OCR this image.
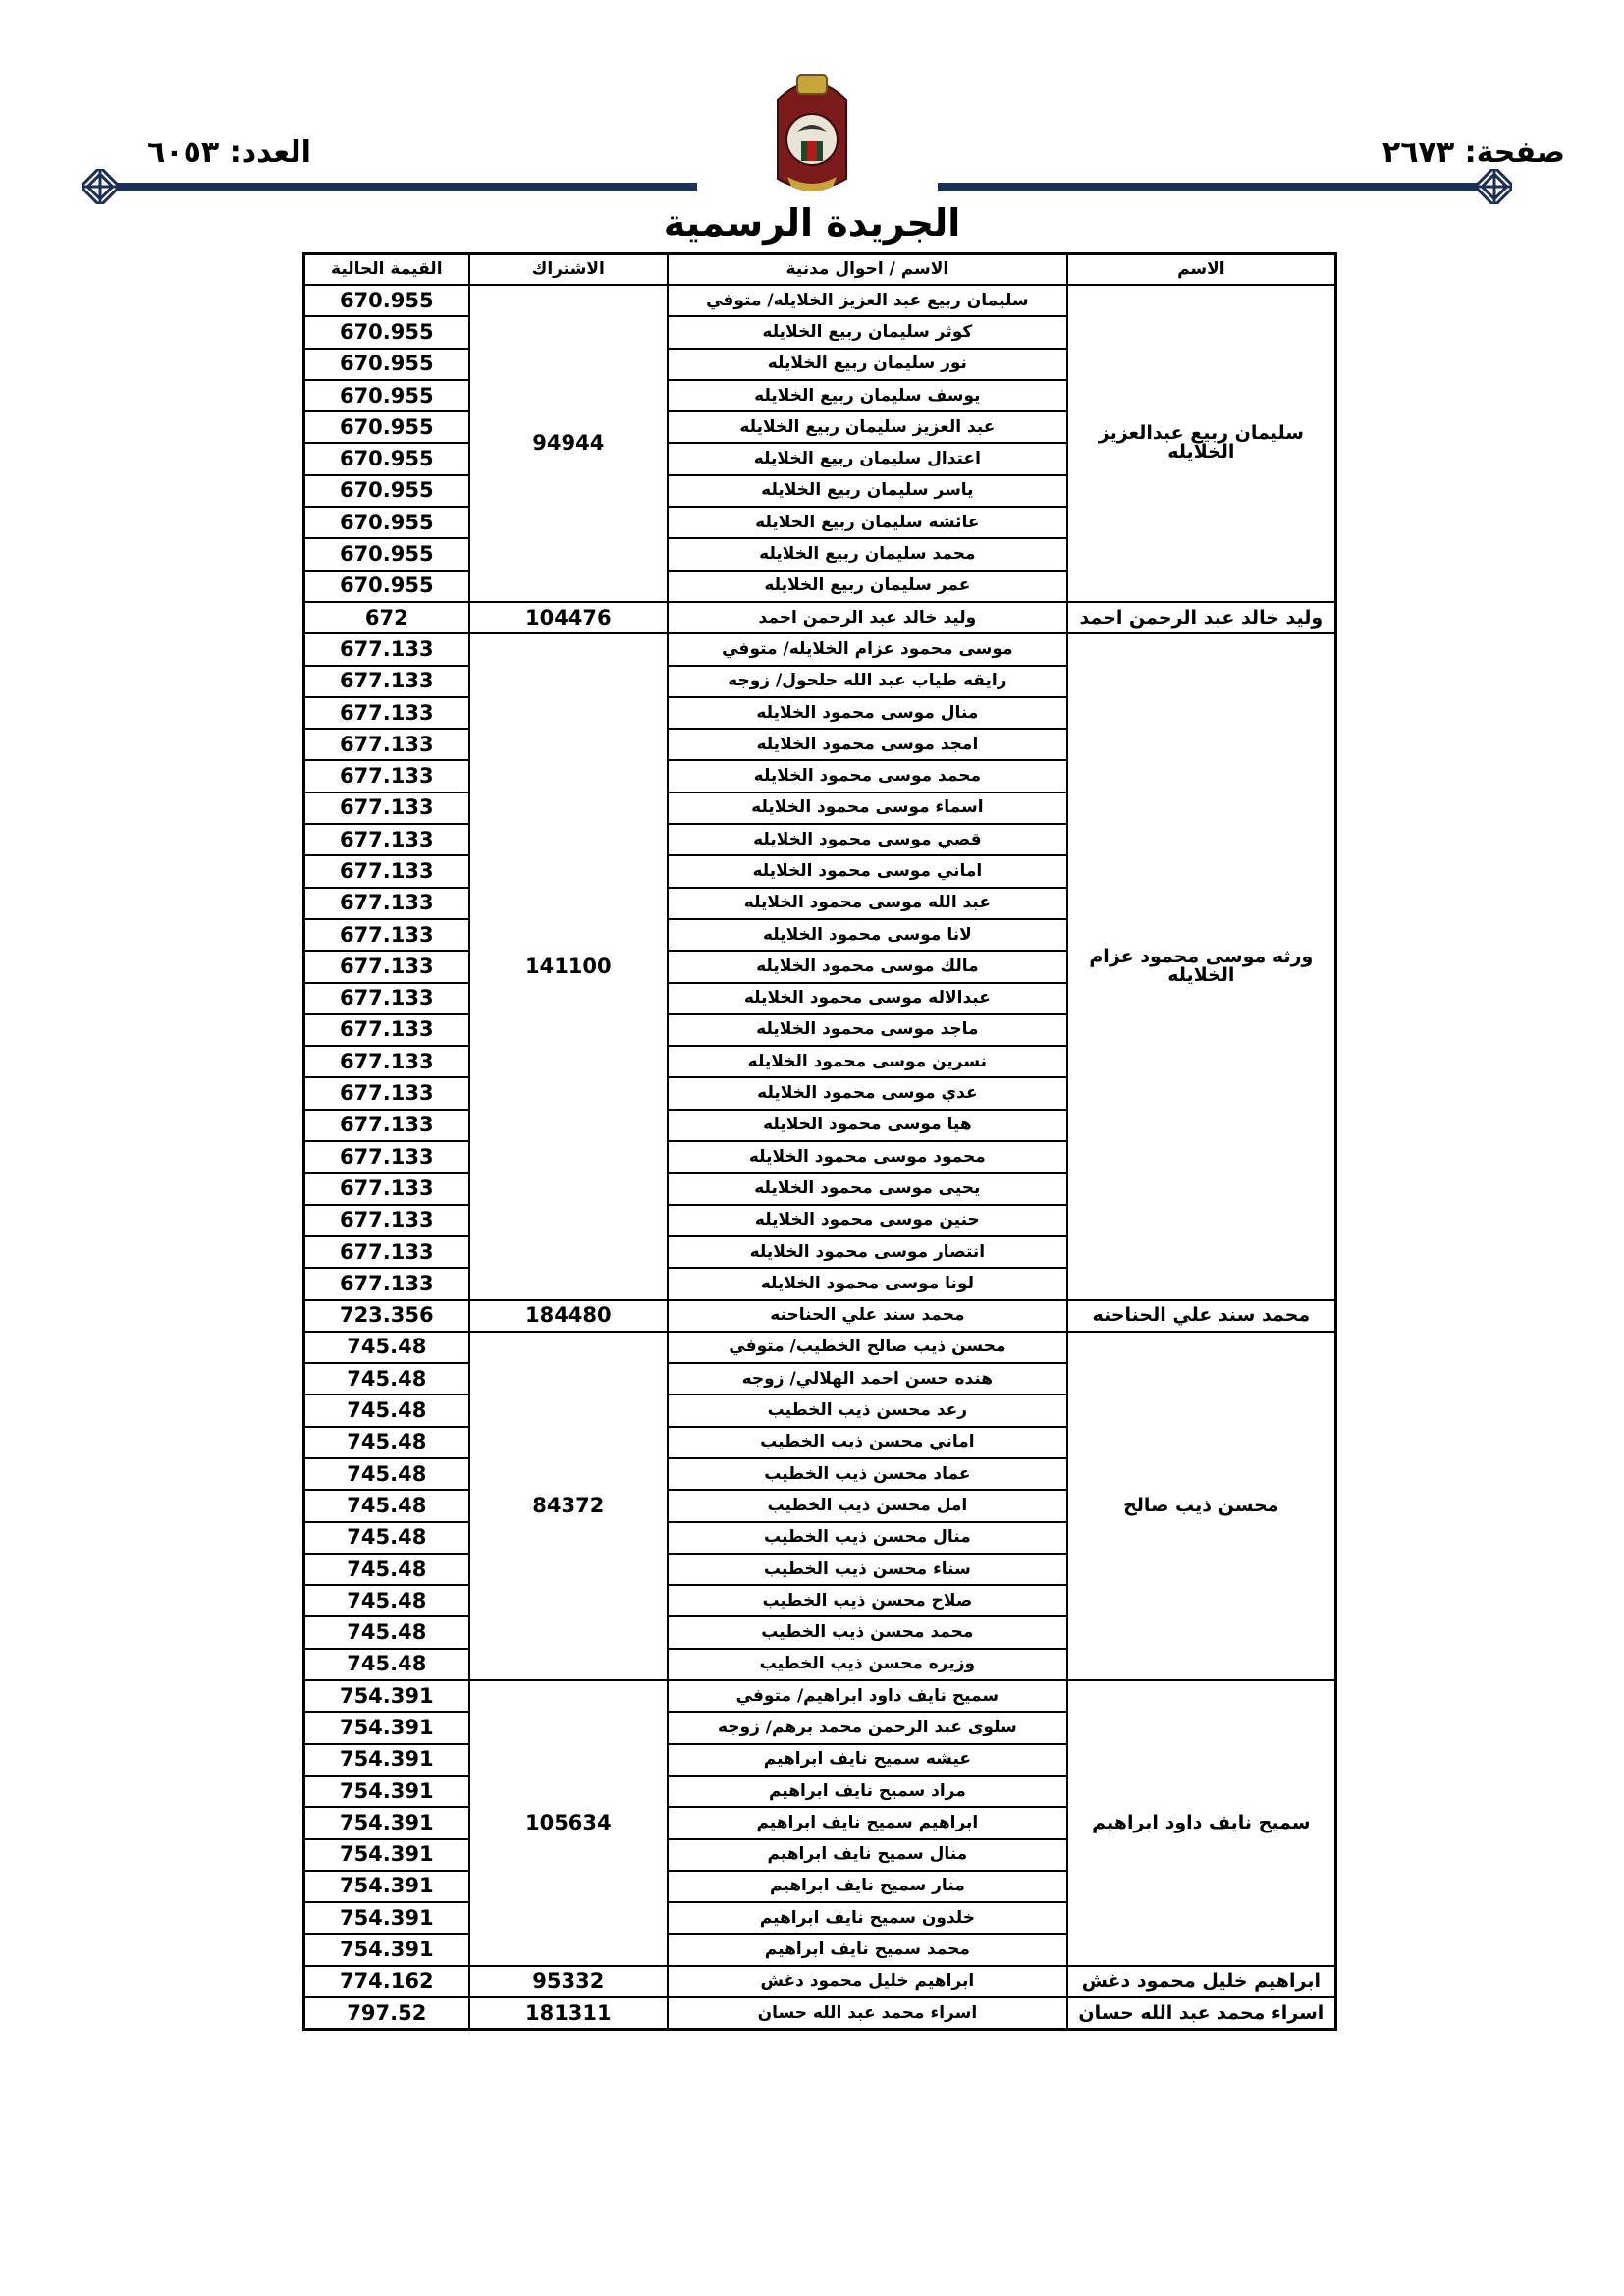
صفحة: ٢٦٧٣
العدد: ٦٠٥٣
الجريدة الرسمية
الاسم	الاسم / احوال مدنية	الاشتراك	القيمة الحالية
سليمان ربيع عبدالعزيز الخلايله	سليمان ربيع عبد العزيز الخلايله/ متوفي	94944	670.955
	كوثر سليمان ربيع الخلايله		670.955
	نور سليمان ربيع الخلايله		670.955
	يوسف سليمان ربيع الخلايله		670.955
	عبد العزيز سليمان ربيع الخلايله		670.955
	اعتدال سليمان ربيع الخلايله		670.955
	ياسر سليمان ربيع الخلايله		670.955
	عائشه سليمان ربيع الخلايله		670.955
	محمد سليمان ربيع الخلايله		670.955
	عمر سليمان ربيع الخلايله		670.955
وليد خالد عبد الرحمن احمد	وليد خالد عبد الرحمن احمد	104476	672
ورثه موسى محمود عزام الخلايله	موسى محمود عزام الخلايله/ متوفي	141100	677.133
	رايقه طياب عبد الله حلحول/ زوجه		677.133
	منال موسى محمود الخلايله		677.133
	امجد موسى محمود الخلايله		677.133
	محمد موسى محمود الخلايله		677.133
	اسماء موسى محمود الخلايله		677.133
	قصي موسى محمود الخلايله		677.133
	اماني موسى محمود الخلايله		677.133
	عبد الله موسى محمود الخلايله		677.133
	لانا موسى محمود الخلايله		677.133
	مالك موسى محمود الخلايله		677.133
	عبدالاله موسى محمود الخلايله		677.133
	ماجد موسى محمود الخلايله		677.133
	نسرين موسى محمود الخلايله		677.133
	عدي موسى محمود الخلايله		677.133
	هيا موسى محمود الخلايله		677.133
	محمود موسى محمود الخلايله		677.133
	يحيى موسى محمود الخلايله		677.133
	حنين موسى محمود الخلايله		677.133
	انتصار موسى محمود الخلايله		677.133
	لونا موسى محمود الخلايله		677.133
محمد سند علي الحناحنه	محمد سند علي الحناحنه	184480	723.356
محسن ذيب صالح	محسن ذيب صالح الخطيب/ متوفي	84372	745.48
	هنده حسن احمد الهلالي/ زوجه		745.48
	رعد محسن ذيب الخطيب		745.48
	اماني محسن ذيب الخطيب		745.48
	عماد محسن ذيب الخطيب		745.48
	امل محسن ذيب الخطيب		745.48
	منال محسن ذيب الخطيب		745.48
	سناء محسن ذيب الخطيب		745.48
	صلاح محسن ذيب الخطيب		745.48
	محمد محسن ذيب الخطيب		745.48
	وزيره محسن ذيب الخطيب		745.48
سميح نايف داود ابراهيم	سميح نايف داود ابراهيم/ متوفي	105634	754.391
	سلوى عبد الرحمن محمد برهم/ زوجه		754.391
	عيشه سميح نايف ابراهيم		754.391
	مراد سميح نايف ابراهيم		754.391
	ابراهيم سميح نايف ابراهيم		754.391
	منال سميح نايف ابراهيم		754.391
	منار سميح نايف ابراهيم		754.391
	خلدون سميح نايف ابراهيم		754.391
	محمد سميح نايف ابراهيم		754.391
ابراهيم خليل محمود دغش	ابراهيم خليل محمود دغش	95332	774.162
اسراء محمد عبد الله حسان	اسراء محمد عبد الله حسان	181311	797.52
